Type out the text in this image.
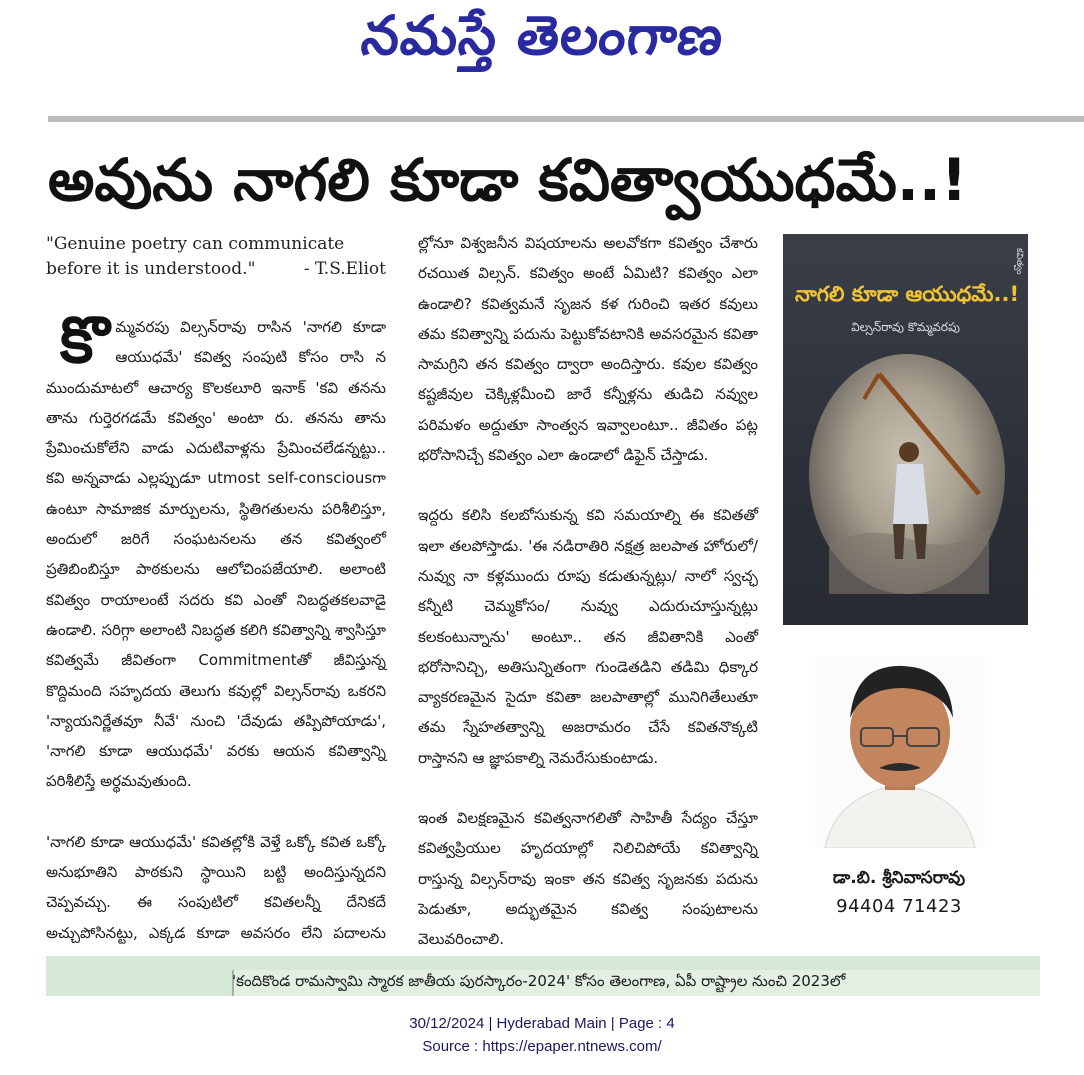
నమస్తే తెలంగాణ
అవును నాగలి కూడా కవిత్వాయుధమే..!
"Genuine poetry can communicate
before it is understood."	- T.S.Eliot
కొ మ్మవరపు విల్సన్‌రావు రాసిన 'నాగలి కూడా ఆయుధమే' కవిత్వ సంపుటి కోసం రాసి న ముందుమాటలో ఆచార్య కొలకలూరి ఇనాక్ 'కవి తనను తాను గుర్తెరగడమే కవిత్వం' అంటా రు. తనను తాను ప్రేమించుకోలేని వాడు ఎదుటివాళ్లను ప్రేమించలేడన్నట్టు.. కవి అన్నవాడు ఎల్లప్పుడూ utmost self-consciousగా ఉంటూ సామాజిక మార్పులను, స్థితిగతులను పరిశీలిస్తూ, అందులో జరిగే సంఘటనలను తన కవిత్వంలో ప్రతిబింబిస్తూ పాఠకులను ఆలోచింపజేయాలి. అలాంటి కవిత్వం రాయాలంటే సదరు కవి ఎంతో నిబద్ధతకలవాడై ఉండాలి. సరిగ్గా అలాంటి నిబద్ధత కలిగి కవిత్వాన్ని శ్వాసిస్తూ కవిత్వమే జీవితంగా Commitmentతో జీవిస్తున్న కొద్దిమంది సహృదయ తెలుగు కవుల్లో విల్సన్‌రావు ఒకరని 'న్యాయనిర్ణేతవూ నీవే' నుంచి 'దేవుడు తప్పిపోయాడు', 'నాగలి కూడా ఆయుధమే' వరకు ఆయన కవిత్వాన్ని పరిశీలిస్తే అర్థమవుతుంది.

'నాగలి కూడా ఆయుధమే' కవితల్లోకి వెళ్తే ఒక్కో కవిత ఒక్కో అనుభూతిని పాఠకుని స్థాయిని బట్టి అందిస్తున్నదని చెప్పవచ్చు. ఈ సంపుటిలో కవితలన్నీ దేనికదే అచ్చుపోసినట్టు, ఎక్కడ కూడా అవసరం లేని పదాలను

ల్లోనూ విశ్వజనీన విషయాలను అలవోకగా కవిత్వం చేశారు రచయిత విల్సన్. కవిత్వం అంటే ఏమిటి? కవిత్వం ఎలా ఉండాలి? కవిత్వమనే సృజన కళ గురించి ఇతర కవులు తమ కవిత్వాన్ని పదును పెట్టుకోవటానికి అవసరమైన కవితా సామగ్రిని తన కవిత్వం ద్వారా అందిస్తారు. కవుల కవిత్వం కష్టజీవుల చెక్కిళ్లమీంచి జారే కన్నీళ్లను తుడిచి నవ్వుల పరిమళం అద్దుతూ సాంత్వన ఇవ్వాలంటూ.. జీవితం పట్ల భరోసానిచ్చే కవిత్వం ఎలా ఉండాలో డిఫైన్ చేస్తాడు.

ఇద్దరు కలిసి కలబోసుకున్న కవి సమయాల్ని ఈ కవితతో ఇలా తలపోస్తాడు. 'ఈ నడిరాతిరి నక్షత్ర జలపాత హోరులో/ నువ్వు నా కళ్లముందు రూపు కడుతున్నట్లు/ నాలో స్వచ్ఛ కన్నీటి చెమ్మకోసం/ నువ్వు ఎదురుచూస్తున్నట్లు కలకంటున్నాను' అంటూ.. తన జీవితానికి ఎంతో భరోసానిచ్చి, అతిసున్నితంగా గుండెతడిని తడిమి ధిక్కార వ్యాకరణమైన సైదూ కవితా జలపాతాల్లో మునిగితేలుతూ తమ స్నేహతత్వాన్ని అజరామరం చేసే కవితనొక్కటి రాస్తానని ఆ జ్ఞాపకాల్ని నెమరేసుకుంటాడు.

ఇంత విలక్షణమైన కవిత్వనాగలితో సాహితీ సేద్యం చేస్తూ కవిత్వప్రియుల హృదయాల్లో నిలిచిపోయే కవిత్వాన్ని రాస్తున్న విల్సన్‌రావు ఇంకా తన కవిత్వ సృజనకు పదును పెడుతూ, అద్భుతమైన కవిత్వ సంపుటాలను వెలువరించాలి.

కవిత్వం
నాగలి కూడా ఆయుధమే..!
విల్సన్‌రావు కొమ్మవరపు
డా.బి. శ్రీనివాసరావు
94404 71423
'కందికొండ రామస్వామి స్మారక జాతీయ పురస్కారం-2024' కోసం తెలంగాణ, ఏపీ రాష్ట్రాల నుంచి 2023లో
30/12/2024 | Hyderabad Main | Page : 4
Source : https://epaper.ntnews.com/
